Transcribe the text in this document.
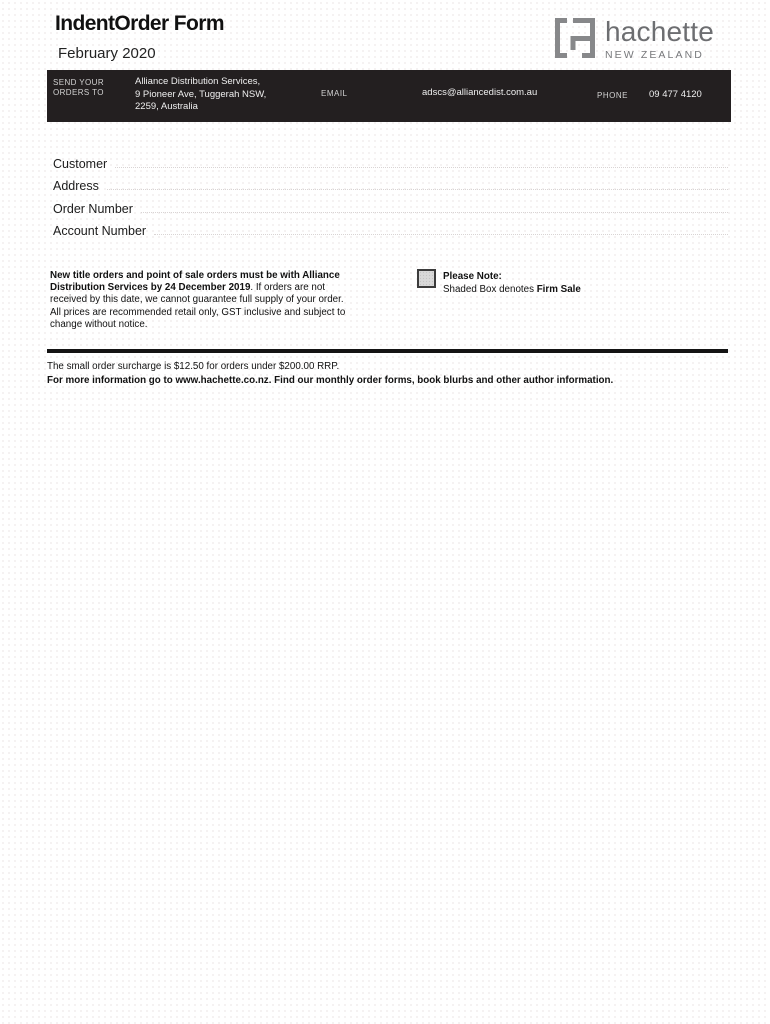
IndentOrder Form
February 2020
hachette
NEW ZEALAND
SEND YOUR
ORDERS TO
Alliance Distribution Services,
9 Pioneer Ave, Tuggerah NSW,
2259, Australia
EMAIL	adscs@alliancedist.com.au	PHONE 09 477 4120
Customer
Address
Order Number
Account Number
New title orders and point of sale orders must be with Alliance Distribution Services by 24 December 2019. If orders are not received by this date, we cannot guarantee full supply of your order. All prices are recommended retail only, GST inclusive and subject to change without notice.
Please Note:
Shaded Box denotes Firm Sale
The small order surcharge is $12.50 for orders under $200.00 RRP.
For more information go to www.hachette.co.nz. Find our monthly order forms, book blurbs and other author information.
